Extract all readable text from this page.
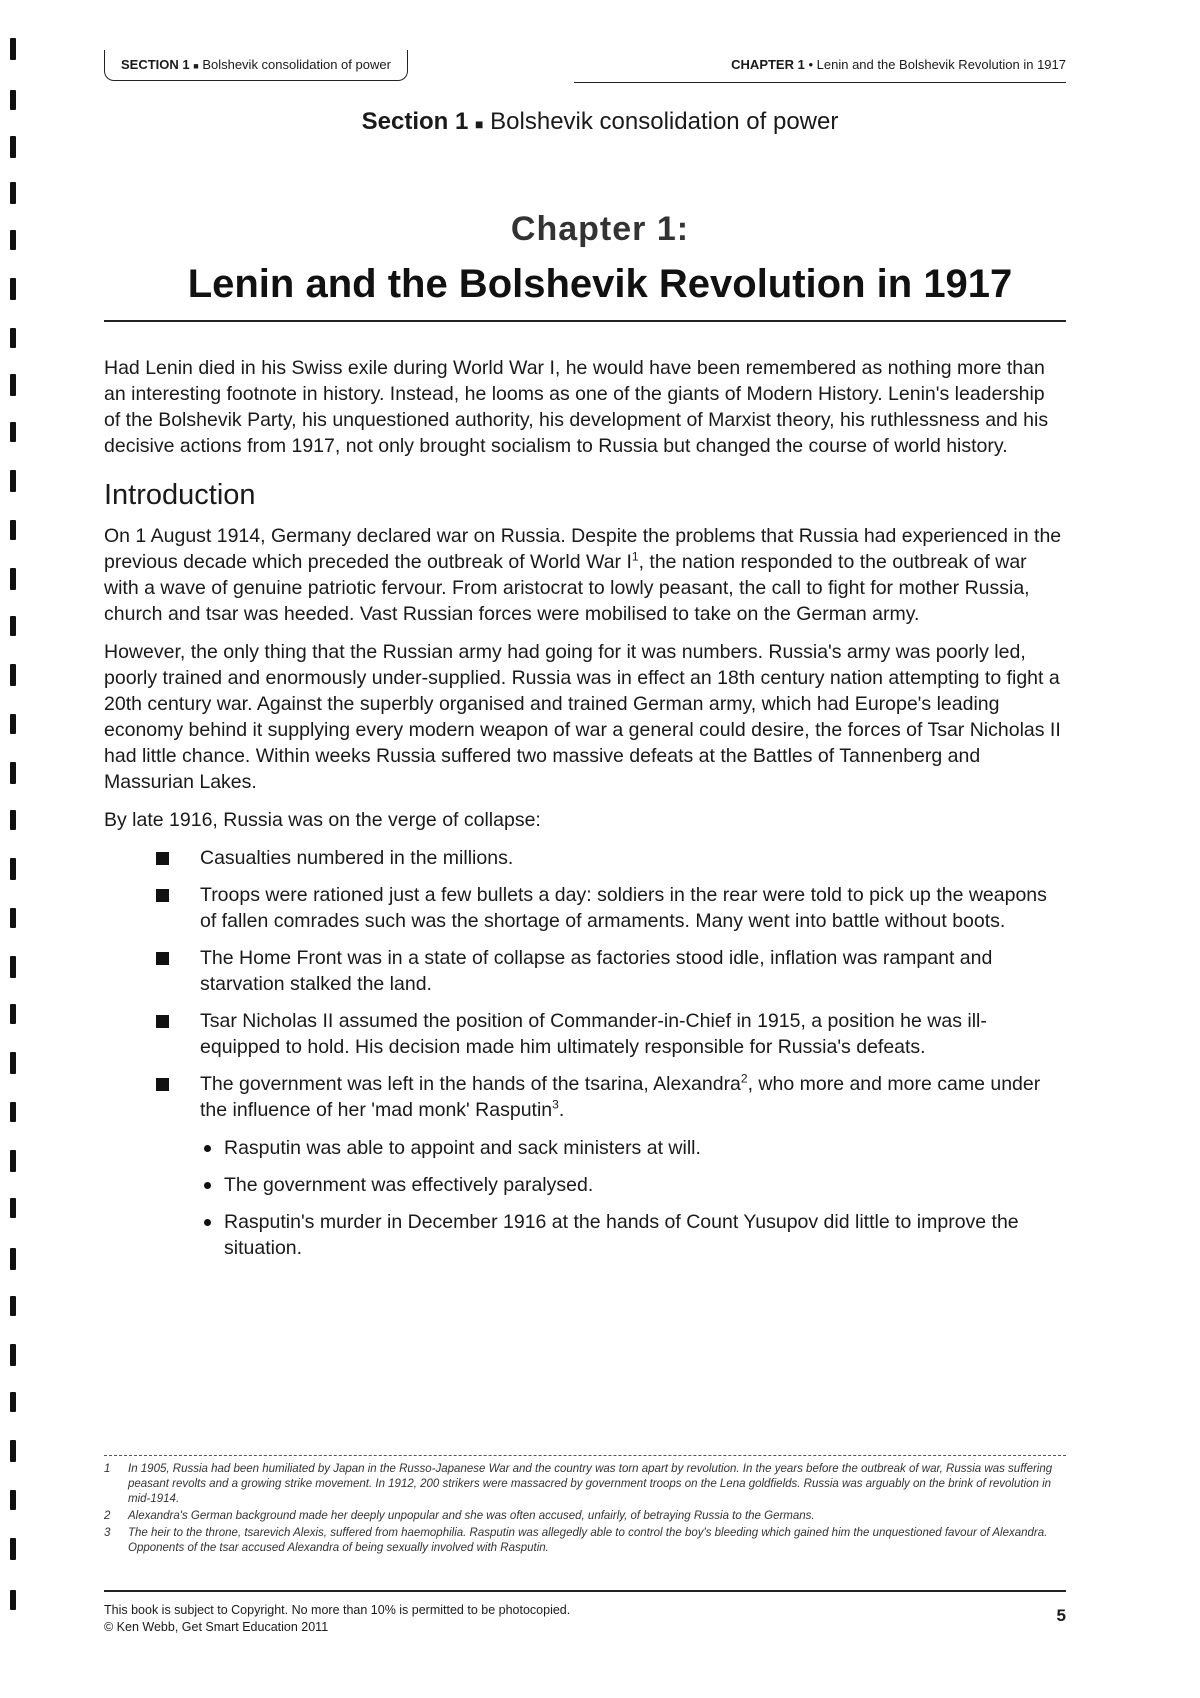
SECTION 1 ■ Bolshevik consolidation of power	CHAPTER 1 • Lenin and the Bolshevik Revolution in 1917
Section 1 ■ Bolshevik consolidation of power
Chapter 1:
Lenin and the Bolshevik Revolution in 1917

Had Lenin died in his Swiss exile during World War I, he would have been remembered as nothing more than an interesting footnote in history. Instead, he looms as one of the giants of Modern History. Lenin's leadership of the Bolshevik Party, his unquestioned authority, his development of Marxist theory, his ruthlessness and his decisive actions from 1917, not only brought socialism to Russia but changed the course of world history.

Introduction

On 1 August 1914, Germany declared war on Russia. Despite the problems that Russia had experienced in the previous decade which preceded the outbreak of World War $I^1$, the nation responded to the outbreak of war with a wave of genuine patriotic fervour. From aristocrat to lowly peasant, the call to fight for mother Russia, church and tsar was heeded. Vast Russian forces were mobilised to take on the German army.

However, the only thing that the Russian army had going for it was numbers. Russia's army was poorly led, poorly trained and enormously under-supplied. Russia was in effect an 18th century nation attempting to fight a 20th century war. Against the superbly organised and trained German army, which had Europe's leading economy behind it supplying every modern weapon of war a general could desire, the forces of Tsar Nicholas II had little chance. Within weeks Russia suffered two massive defeats at the Battles of Tannenberg and Massurian Lakes.

By late 1916, Russia was on the verge of collapse:

Casualties numbered in the millions.
Troops were rationed just a few bullets a day: soldiers in the rear were told to pick up the weapons of fallen comrades such was the shortage of armaments. Many went into battle without boots.
The Home Front was in a state of collapse as factories stood idle, inflation was rampant and starvation stalked the land.
Tsar Nicholas II assumed the position of Commander-in-Chief in 1915, a position he was ill-equipped to hold. His decision made him ultimately responsible for Russia's defeats.
The government was left in the hands of the tsarina, Alexandra$^2$, who more and more came under the influence of her 'mad monk' Rasputin$^3$.
Rasputin was able to appoint and sack ministers at will.
The government was effectively paralysed.
Rasputin's murder in December 1916 at the hands of Count Yusupov did little to improve the situation.
1 In 1905, Russia had been humiliated by Japan in the Russo-Japanese War and the country was torn apart by revolution. In the years before the outbreak of war, Russia was suffering peasant revolts and a growing strike movement. In 1912, 200 strikers were massacred by government troops on the Lena goldfields. Russia was arguably on the brink of revolution in mid-1914.
2 Alexandra's German background made her deeply unpopular and she was often accused, unfairly, of betraying Russia to the Germans.
3 The heir to the throne, tsarevich Alexis, suffered from haemophilia. Rasputin was allegedly able to control the boy's bleeding which gained him the unquestioned favour of Alexandra. Opponents of the tsar accused Alexandra of being sexually involved with Rasputin.
This book is subject to Copyright. No more than 10% is permitted to be photocopied.
© Ken Webb, Get Smart Education 2011
5
